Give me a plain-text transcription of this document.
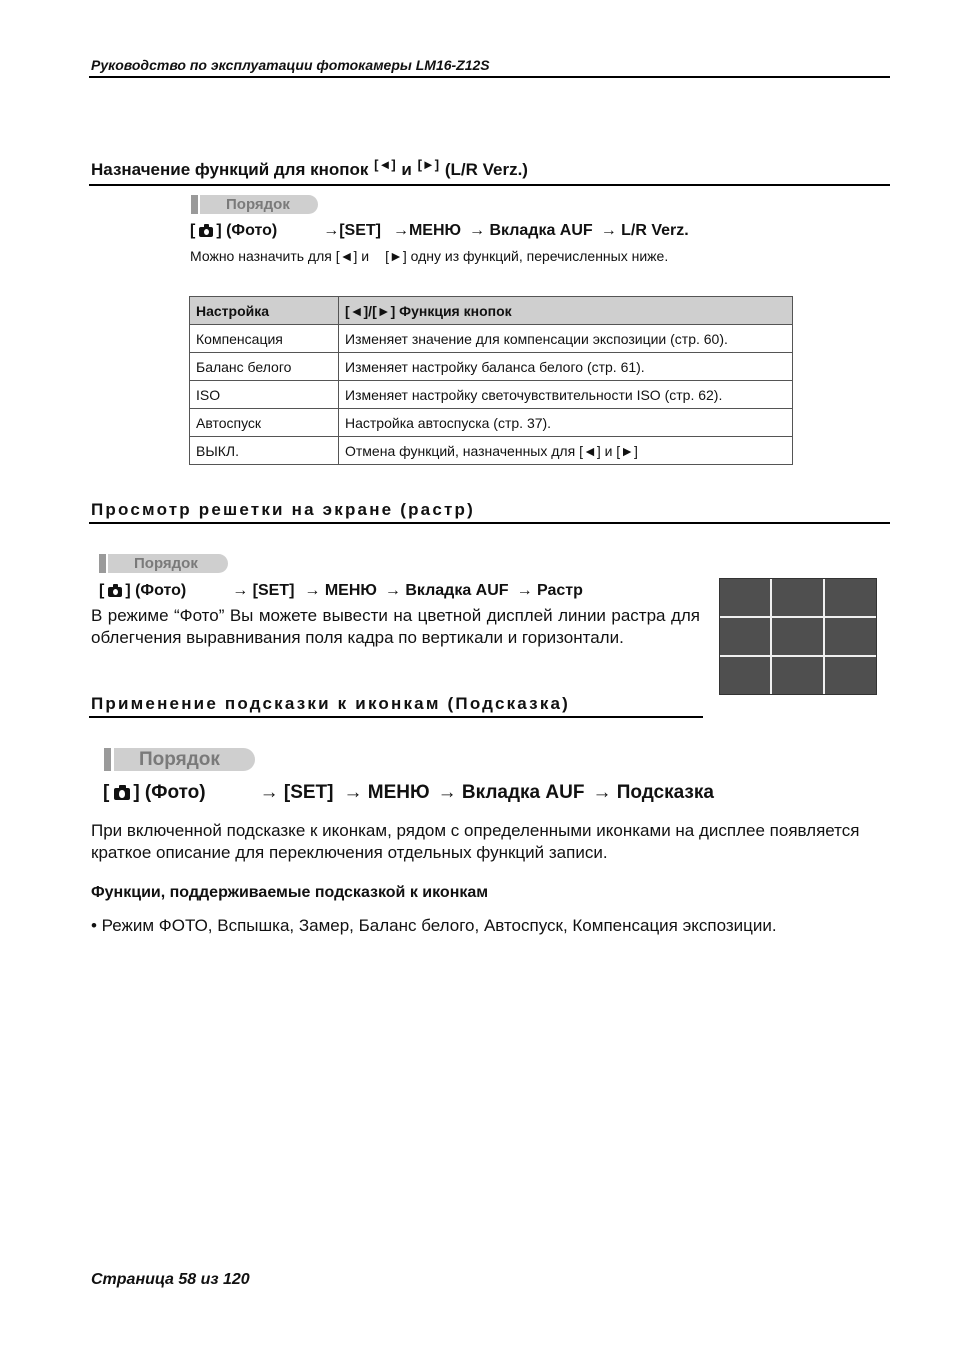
Руководство по эксплуатации фотокамеры LM16-Z12S
Назначение функций для кнопок [◄] и [►] (L/R Verz.)
Порядок
[ ] (Фото)	→[SET] →МЕНЮ → Вкладка AUF → L/R Verz.
Можно назначить для [◄] и [►] одну из функций, перечисленных ниже.
Настройка	[◄]/[►] Функция кнопок
Компенсация	Изменяет значение для компенсации экспозиции (стр. 60).
Баланс белого	Изменяет настройку баланса белого (стр. 61).
ISO	Изменяет настройку светочувствительности ISO (стр. 62).
Автоспуск	Настройка автоспуска (стр. 37).
ВЫКЛ.	Отмена функций, назначенных для [◄] и [►]
Просмотр решетки на экране (растр)
Порядок
[ ] (Фото)	→ [SET] → МЕНЮ → Вкладка AUF → Растр
В режиме “Фото” Вы можете вывести на цветной дисплей линии растра для облегчения выравнивания поля кадра по вертикали и горизонтали.
Применение подсказки к иконкам (Подсказка)
Порядок
[ ] (Фото)	→ [SET] → МЕНЮ → Вкладка AUF → Подсказка
При включенной подсказке к иконкам, рядом с определенными иконками на дисплее появляется краткое описание для переключения отдельных функций записи.
Функции, поддерживаемые подсказкой к иконкам
• Режим ФОТО, Вспышка, Замер, Баланс белого, Автоспуск, Компенсация экспозиции.
Страница 58 из 120
